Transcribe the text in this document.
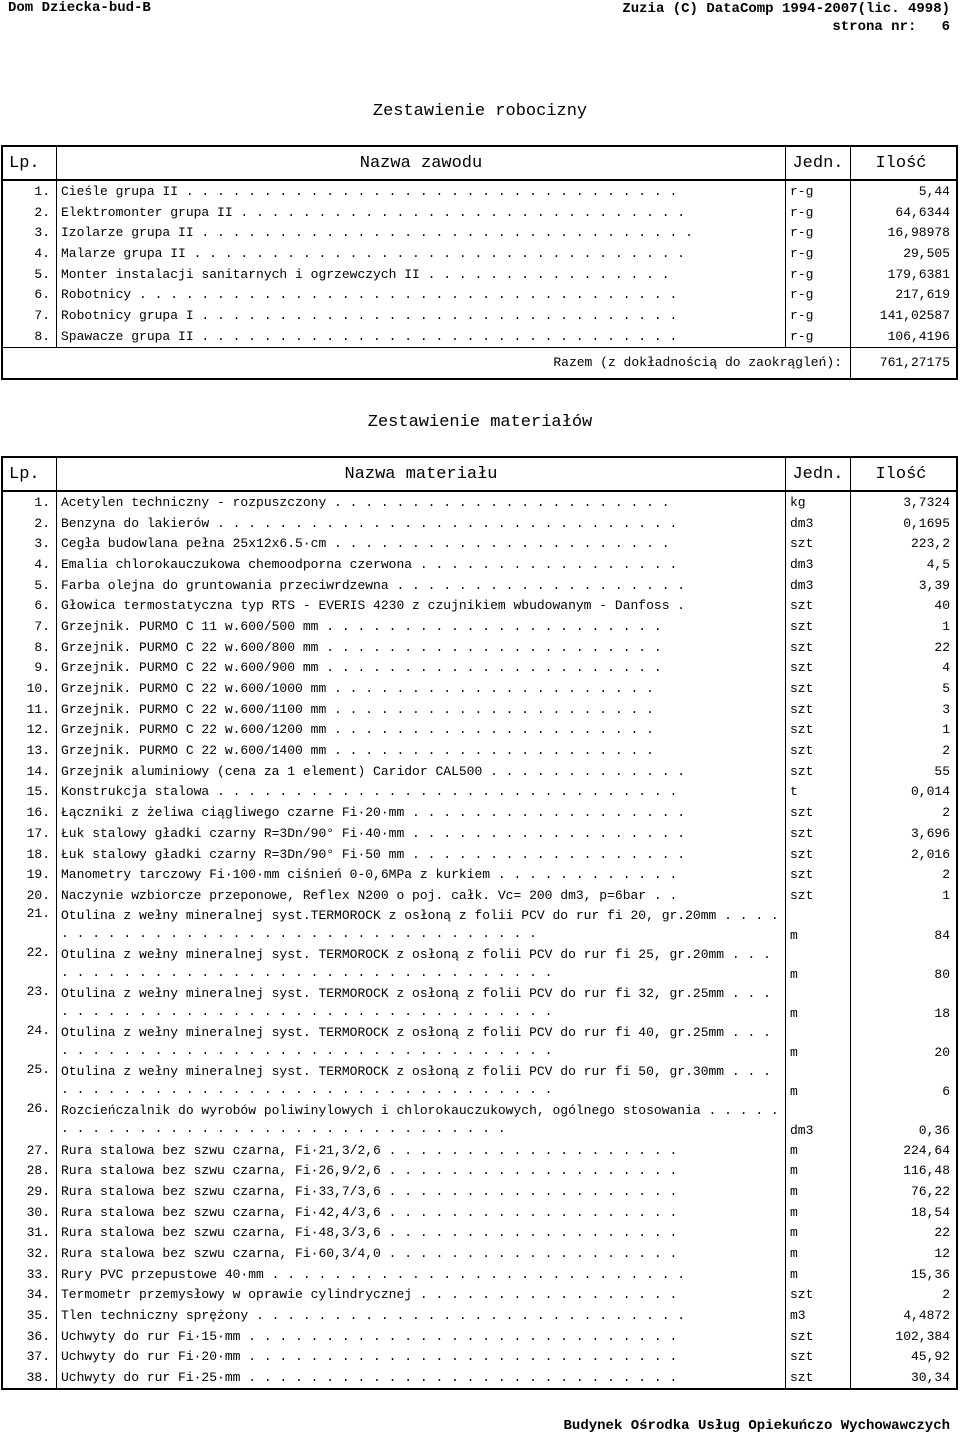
Dom Dziecka-bud-B	Zuzia (C) DataComp 1994-2007(lic. 4998)
strona nr:   6
Zestawienie robocizny
Lp.	Nazwa zawodu	Jedn.	Ilość
1.	Cieśle grupa II . . . . . . . . . . . . . . . . . . . . . . . . . . . . . . . .	r-g	5,44
2.	Elektromonter grupa II . . . . . . . . . . . . . . . . . . . . . . . . . . . . .	r-g	64,6344
3.	Izolarze grupa II . . . . . . . . . . . . . . . . . . . . . . . . . . . . . . . .	r-g	16,98978
4.	Malarze grupa II . . . . . . . . . . . . . . . . . . . . . . . . . . . . . . . .	r-g	29,505
5.	Monter instalacji sanitarnych i ogrzewczych II . . . . . . . . . . . . . . . .	r-g	179,6381
6.	Robotnicy . . . . . . . . . . . . . . . . . . . . . . . . . . . . . . . . . . .	r-g	217,619
7.	Robotnicy grupa I . . . . . . . . . . . . . . . . . . . . . . . . . . . . . . .	r-g	141,02587
8.	Spawacze grupa II . . . . . . . . . . . . . . . . . . . . . . . . . . . . . . .	r-g	106,4196
Razem (z dokładnością do zaokrągleń):			761,27175
Zestawienie materiałów
Lp.	Nazwa materiału	Jedn.	Ilość
1.	Acetylen techniczny - rozpuszczony . . . . . . . . . . . . . . . . . . . . . .	kg	3,7324
2.	Benzyna do lakierów . . . . . . . . . . . . . . . . . . . . . . . . . . . . . .	dm3	0,1695
3.	Cegła budowlana pełna 25x12x6.5·cm . . . . . . . . . . . . . . . . . . . . . .	szt	223,2
4.	Emalia chlorokauczukowa chemoodporna czerwona . . . . . . . . . . . . . . . . .	dm3	4,5
5.	Farba olejna do gruntowania przeciwrdzewna . . . . . . . . . . . . . . . . . . .	dm3	3,39
6.	Głowica termostatyczna typ RTS - EVERIS 4230 z czujnikiem wbudowanym - Danfoss .	szt	40
7.	Grzejnik. PURMO C 11 w.600/500 mm . . . . . . . . . . . . . . . . . . . . . .	szt	1
8.	Grzejnik. PURMO C 22 w.600/800 mm . . . . . . . . . . . . . . . . . . . . . .	szt	22
9.	Grzejnik. PURMO C 22 w.600/900 mm . . . . . . . . . . . . . . . . . . . . . .	szt	4
10.	Grzejnik. PURMO C 22 w.600/1000 mm . . . . . . . . . . . . . . . . . . . . .	szt	5
11.	Grzejnik. PURMO C 22 w.600/1100 mm . . . . . . . . . . . . . . . . . . . . .	szt	3
12.	Grzejnik. PURMO C 22 w.600/1200 mm . . . . . . . . . . . . . . . . . . . . .	szt	1
13.	Grzejnik. PURMO C 22 w.600/1400 mm . . . . . . . . . . . . . . . . . . . . .	szt	2
14.	Grzejnik aluminiowy (cena za 1 element) Caridor CAL500 . . . . . . . . . . . . .	szt	55
15.	Konstrukcja stalowa . . . . . . . . . . . . . . . . . . . . . . . . . . . . . .	t	0,014
16.	Łączniki z żeliwa ciągliwego czarne Fi·20·mm . . . . . . . . . . . . . . . . . .	szt	2
17.	Łuk stalowy gładki czarny R=3Dn/90° Fi·40·mm . . . . . . . . . . . . . . . . . .	szt	3,696
18.	Łuk stalowy gładki czarny R=3Dn/90° Fi·50 mm . . . . . . . . . . . . . . . . . .	szt	2,016
19.	Manometry tarczowy Fi·100·mm ciśnień 0-0,6MPa z kurkiem . . . . . . . . . . . .	szt	2
20.	Naczynie wzbiorcze przeponowe, Reflex N200 o poj. całk. Vc= 200 dm3, p=6bar . .	szt	1
21.	Otulina z wełny mineralnej syst.TERMOROCK z osłoną z folii PCV do rur fi 20, gr.20mm . . . . . . . . . . . . . . . . . . . . . . . . . . . . . . . . . . .	m	84
22.	Otulina z wełny mineralnej syst. TERMOROCK z osłoną z folii PCV do rur fi 25, gr.20mm . . . . . . . . . . . . . . . . . . . . . . . . . . . . . . . . . . .	m	80
23.	Otulina z wełny mineralnej syst. TERMOROCK z osłoną z folii PCV do rur fi 32, gr.25mm . . . . . . . . . . . . . . . . . . . . . . . . . . . . . . . . . . .	m	18
24.	Otulina z wełny mineralnej syst. TERMOROCK z osłoną z folii PCV do rur fi 40, gr.25mm . . . . . . . . . . . . . . . . . . . . . . . . . . . . . . . . . . .	m	20
25.	Otulina z wełny mineralnej syst. TERMOROCK z osłoną z folii PCV do rur fi 50, gr.30mm . . . . . . . . . . . . . . . . . . . . . . . . . . . . . . . . . . .	m	6
26.	Rozcieńczalnik do wyrobów poliwinylowych i chlorokauczukowych, ogólnego stosowania . . . . . . . . . . . . . . . . . . . . . . . . . . . . . . . . . .	dm3	0,36
27.	Rura stalowa bez szwu czarna, Fi·21,3/2,6 . . . . . . . . . . . . . . . . . . .	m	224,64
28.	Rura stalowa bez szwu czarna, Fi·26,9/2,6 . . . . . . . . . . . . . . . . . . .	m	116,48
29.	Rura stalowa bez szwu czarna, Fi·33,7/3,6 . . . . . . . . . . . . . . . . . . .	m	76,22
30.	Rura stalowa bez szwu czarna, Fi·42,4/3,6 . . . . . . . . . . . . . . . . . . .	m	18,54
31.	Rura stalowa bez szwu czarna, Fi·48,3/3,6 . . . . . . . . . . . . . . . . . . .	m	22
32.	Rura stalowa bez szwu czarna, Fi·60,3/4,0 . . . . . . . . . . . . . . . . . . .	m	12
33.	Rury PVC przepustowe 40·mm . . . . . . . . . . . . . . . . . . . . . . . . . . .	m	15,36
34.	Termometr przemysłowy w oprawie cylindrycznej . . . . . . . . . . . . . . . . .	szt	2
35.	Tlen techniczny sprężony . . . . . . . . . . . . . . . . . . . . . . . . . . . .	m3	4,4872
36.	Uchwyty do rur Fi·15·mm . . . . . . . . . . . . . . . . . . . . . . . . . . . .	szt	102,384
37.	Uchwyty do rur Fi·20·mm . . . . . . . . . . . . . . . . . . . . . . . . . . . .	szt	45,92
38.	Uchwyty do rur Fi·25·mm . . . . . . . . . . . . . . . . . . . . . . . . . . . .	szt	30,34
Budynek Ośrodka Usług Opiekuńczo Wychowawczych
